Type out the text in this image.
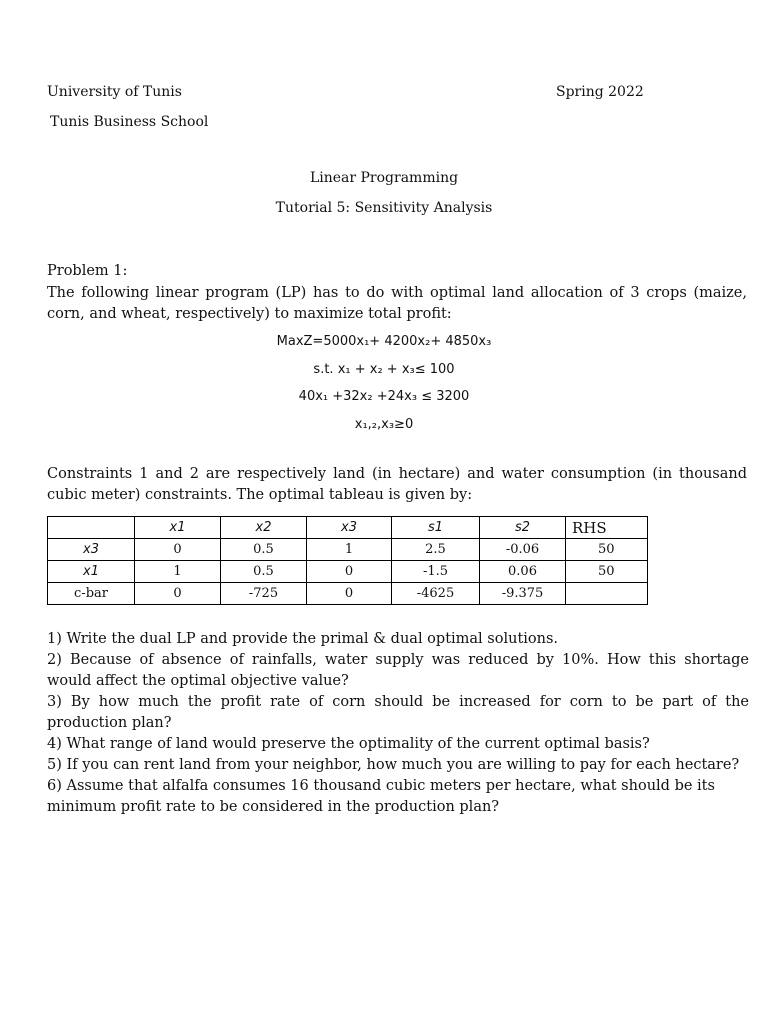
University of Tunis
Tunis Business School
Spring 2022
Linear Programming
Tutorial 5: Sensitivity Analysis
Problem 1:
The following linear program (LP) has to do with optimal land allocation of 3 crops (maize, corn, and wheat, respectively) to maximize total profit:
MaxZ=5000x₁+ 4200x₂+ 4850x₃
s.t. x₁ + x₂ + x₃≤ 100
40x₁ +32x₂ +24x₃ ≤ 3200
x₁,₂,x₃≥0
Constraints 1 and 2 are respectively land (in hectare) and water consumption (in thousand cubic meter) constraints. The optimal tableau is given by:
	x1	x2	x3	s1	s2	RHS
x3	0	0.5	1	2.5	-0.06	50
x1	1	0.5	0	-1.5	0.06	50
c-bar	0	-725	0	-4625	-9.375	

1) Write the dual LP and provide the primal & dual optimal solutions.

2) Because of absence of rainfalls, water supply was reduced by 10%. How this shortage would affect the optimal objective value?

3) By how much the profit rate of corn should be increased for corn to be part of the production plan?

4) What range of land would preserve the optimality of the current optimal basis?

5) If you can rent land from your neighbor, how much you are willing to pay for each hectare?

6) Assume that alfalfa consumes 16 thousand cubic meters per hectare, what should be its minimum profit rate to be considered in the production plan?
